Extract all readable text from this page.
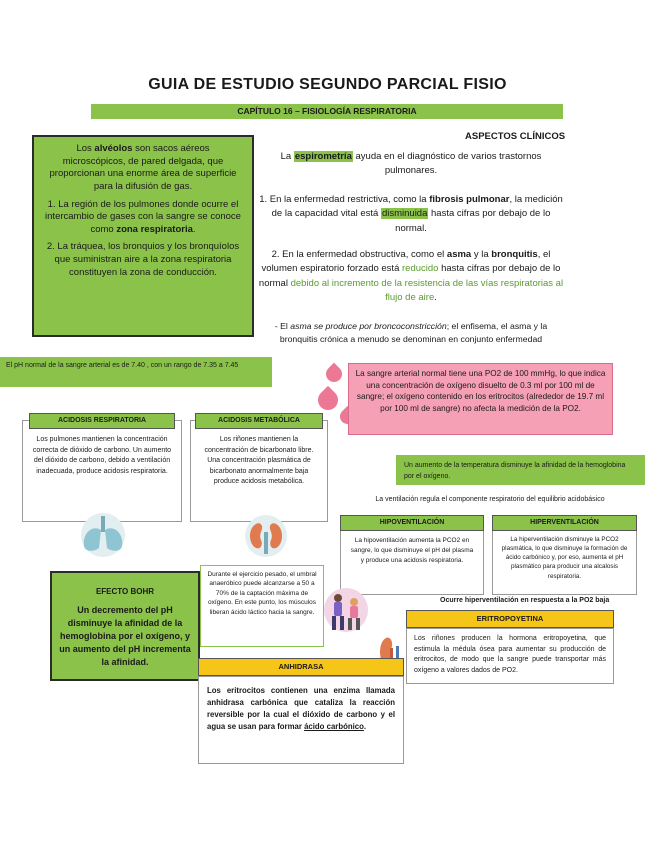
GUIA DE ESTUDIO SEGUNDO PARCIAL FISIO
CAPÍTULO 16 – FISIOLOGÍA RESPIRATORIA

Los alvéolos son sacos aéreos microscópicos, de pared delgada, que proporcionan una enorme área de superficie para la difusión de gas.

1. La región de los pulmones donde ocurre el intercambio de gases con la sangre se conoce como zona respiratoria.

2. La tráquea, los bronquios y los bronquíolos que suministran aire a la zona respiratoria constituyen la zona de conducción.

ASPECTOS CLÍNICOS
La espirometría ayuda en el diagnóstico de varios trastornos pulmonares.
1. En la enfermedad restrictiva, como la fibrosis pulmonar, la medición de la capacidad vital está disminuida hasta cifras por debajo de lo normal.
2. En la enfermedad obstructiva, como el asma y la bronquitis, el volumen espiratorio forzado está reducido hasta cifras por debajo de lo normal debido al incremento de la resistencia de las vías respiratorias al flujo de aire.
- El asma se produce por broncoconstricción; el enfisema, el asma y la bronquitis crónica a menudo se denominan en conjunto enfermedad
El pH normal de la sangre arterial es de 7.40 , con un rango de 7.35 a 7.45
La sangre arterial normal tiene una PO2 de 100 mmHg, lo que indica una concentración de oxígeno disuelto de 0.3 ml por 100 ml de sangre; el oxígeno contenido en los eritrocitos (alrededor de 19.7 ml por 100 ml de sangre) no afecta la medición de la PO2.
ACIDOSIS RESPIRATORIA
Los pulmones mantienen la concentración correcta de dióxido de carbono. Un aumento del dióxido de carbono, debido a ventilación inadecuada, produce acidosis respiratoria.
ACIDOSIS METABÓLICA
Los riñones mantienen la concentración de bicarbonato libre. Una concentración plasmática de bicarbonato anormalmente baja produce acidosis metabólica.
Un aumento de la temperatura disminuye la afinidad de la hemoglobina por el oxígeno.
La ventilación regula el componente respiratorio del equilibrio acidobásico
HIPOVENTILACIÓN
La hipoventilación aumenta la PCO2 en sangre, lo que disminuye el pH del plasma y produce una acidosis respiratoria.
HIPERVENTILACIÓN
La hiperventilación disminuye la PCO2 plasmática, lo que disminuye la formación de ácido carbónico y, por eso, aumenta el pH plasmático para producir una alcalosis respiratoria.
EFECTO BOHR
Un decremento del pH disminuye la afinidad de la hemoglobina por el oxígeno, y un aumento del pH incrementa la afinidad.
Durante el ejercicio pesado, el umbral anaeróbico puede alcanzarse a 50 a 70% de la captación máxima de oxígeno. En este punto, los músculos liberan ácido láctico hacia la sangre.
Ocurre hiperventilación en respuesta a la PO2 baja
ERITROPOYETINA
Los riñones producen la hormona eritropoyetina, que estimula la médula ósea para aumentar su producción de eritrocitos, de modo que la sangre puede transportar más oxígeno a valores dados de PO2.
ANHIDRASA
Los eritrocitos contienen una enzima llamada anhidrasa carbónica que cataliza la reacción reversible por la cual el dióxido de carbono y el agua se usan para formar ácido carbónico.
